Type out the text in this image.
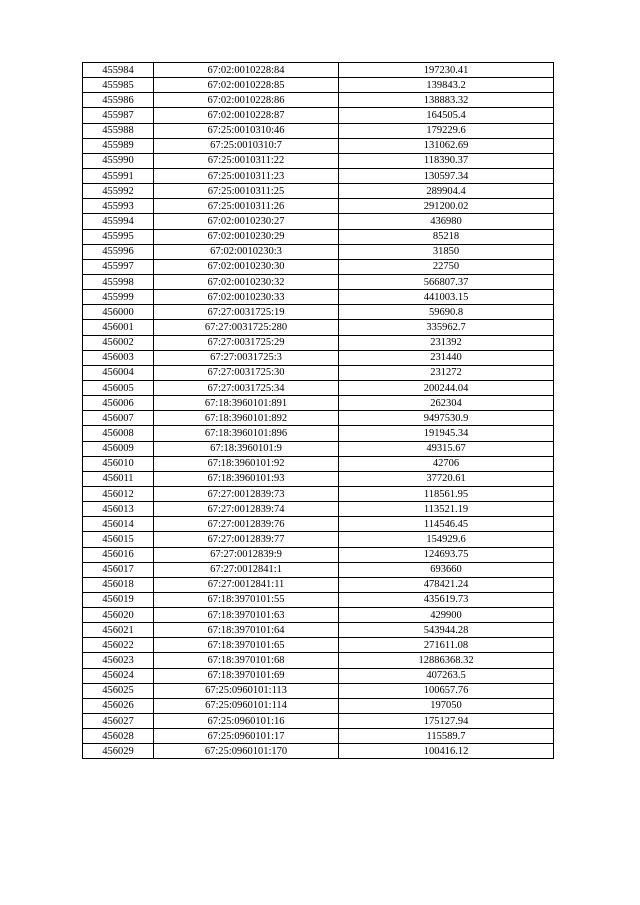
455984	67:02:0010228:84	197230.41
455985	67:02:0010228:85	139843.2
455986	67:02:0010228:86	138883.32
455987	67:02:0010228:87	164505.4
455988	67:25:0010310:46	179229.6
455989	67:25:0010310:7	131062.69
455990	67:25:0010311:22	118390.37
455991	67:25:0010311:23	130597.34
455992	67:25:0010311:25	289904.4
455993	67:25:0010311:26	291200.02
455994	67:02:0010230:27	436980
455995	67:02:0010230:29	85218
455996	67:02:0010230:3	31850
455997	67:02:0010230:30	22750
455998	67:02:0010230:32	566807.37
455999	67:02:0010230:33	441003.15
456000	67:27:0031725:19	59690.8
456001	67:27:0031725:280	335962.7
456002	67:27:0031725:29	231392
456003	67:27:0031725:3	231440
456004	67:27:0031725:30	231272
456005	67:27:0031725:34	200244.04
456006	67:18:3960101:891	262304
456007	67:18:3960101:892	9497530.9
456008	67:18:3960101:896	191945.34
456009	67:18:3960101:9	49315.67
456010	67:18:3960101:92	42706
456011	67:18:3960101:93	37720.61
456012	67:27:0012839:73	118561.95
456013	67:27:0012839:74	113521.19
456014	67:27:0012839:76	114546.45
456015	67:27:0012839:77	154929.6
456016	67:27:0012839:9	124693.75
456017	67:27:0012841:1	693660
456018	67:27:0012841:11	478421.24
456019	67:18:3970101:55	435619.73
456020	67:18:3970101:63	429900
456021	67:18:3970101:64	543944.28
456022	67:18:3970101:65	271611.08
456023	67:18:3970101:68	12886368.32
456024	67:18:3970101:69	407263.5
456025	67:25:0960101:113	100657.76
456026	67:25:0960101:114	197050
456027	67:25:0960101:16	175127.94
456028	67:25:0960101:17	115589.7
456029	67:25:0960101:170	100416.12
